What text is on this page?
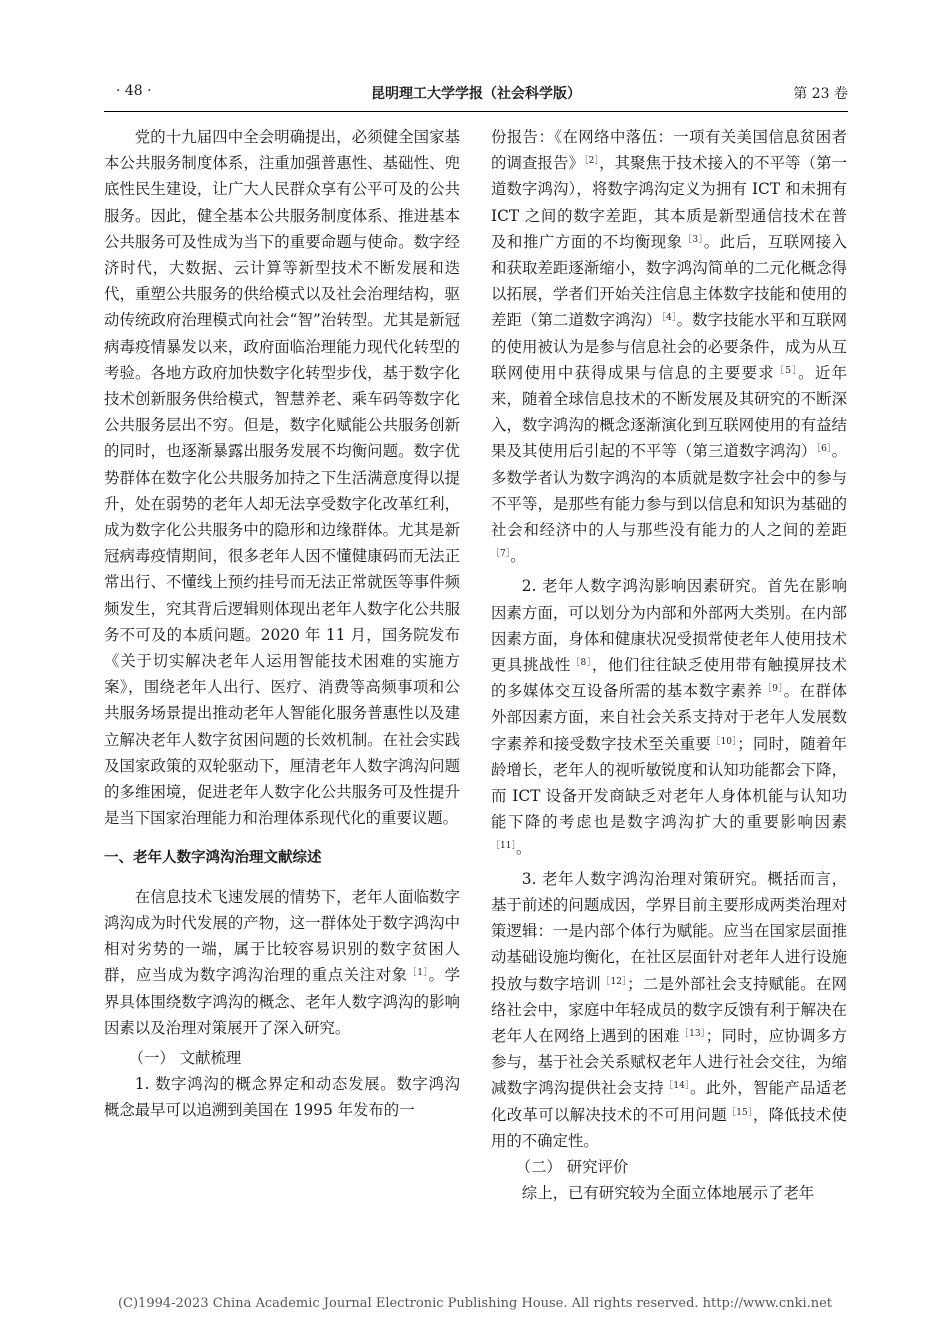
· 48 ·	昆明理工大学学报（社会科学版）	第 23 卷

党的十九届四中全会明确提出，必须健全国家基本公共服务制度体系，注重加强普惠性、基础性、兜底性民生建设，让广大人民群众享有公平可及的公共服务。因此，健全基本公共服务制度体系、推进基本公共服务可及性成为当下的重要命题与使命。数字经济时代，大数据、云计算等新型技术不断发展和迭代，重塑公共服务的供给模式以及社会治理结构，驱动传统政府治理模式向社会“智”治转型。尤其是新冠病毒疫情暴发以来，政府面临治理能力现代化转型的考验。各地方政府加快数字化转型步伐，基于数字化技术创新服务供给模式，智慧养老、乘车码等数字化公共服务层出不穷。但是，数字化赋能公共服务创新的同时，也逐渐暴露出服务发展不均衡问题。数字优势群体在数字化公共服务加持之下生活满意度得以提升，处在弱势的老年人却无法享受数字化改革红利，成为数字化公共服务中的隐形和边缘群体。尤其是新冠病毒疫情期间，很多老年人因不懂健康码而无法正常出行、不懂线上预约挂号而无法正常就医等事件频频发生，究其背后逻辑则体现出老年人数字化公共服务不可及的本质问题。2020 年 11 月，国务院发布《关于切实解决老年人运用智能技术困难的实施方案》，围绕老年人出行、医疗、消费等高频事项和公共服务场景提出推动老年人智能化服务普惠性以及建立解决老年人数字贫困问题的长效机制。在社会实践及国家政策的双轮驱动下，厘清老年人数字鸿沟问题的多维困境，促进老年人数字化公共服务可及性提升是当下国家治理能力和治理体系现代化的重要议题。

一、老年人数字鸿沟治理文献综述

在信息技术飞速发展的情势下，老年人面临数字鸿沟成为时代发展的产物，这一群体处于数字鸿沟中相对劣势的一端，属于比较容易识别的数字贫困人群，应当成为数字鸿沟治理的重点关注对象$^{[1]}$。学界具体围绕数字鸿沟的概念、老年人数字鸿沟的影响因素以及治理对策展开了深入研究。

（一） 文献梳理

1. 数字鸿沟的概念界定和动态发展。数字鸿沟概念最早可以追溯到美国在 1995 年发布的一

份报告：《在网络中落伍：一项有关美国信息贫困者的调查报告》$^{[2]}$，其聚焦于技术接入的不平等（第一道数字鸿沟），将数字鸿沟定义为拥有 ICT 和未拥有 ICT 之间的数字差距，其本质是新型通信技术在普及和推广方面的不均衡现象$^{[3]}$。此后，互联网接入和获取差距逐渐缩小，数字鸿沟简单的二元化概念得以拓展，学者们开始关注信息主体数字技能和使用的差距（第二道数字鸿沟）$^{[4]}$。数字技能水平和互联网的使用被认为是参与信息社会的必要条件，成为从互联网使用中获得成果与信息的主要要求$^{[5]}$。近年来，随着全球信息技术的不断发展及其研究的不断深入，数字鸿沟的概念逐渐演化到互联网使用的有益结果及其使用后引起的不平等（第三道数字鸿沟）$^{[6]}$。多数学者认为数字鸿沟的本质就是数字社会中的参与不平等，是那些有能力参与到以信息和知识为基础的社会和经济中的人与那些没有能力的人之间的差距$^{[7]}$。

2. 老年人数字鸿沟影响因素研究。首先在影响因素方面，可以划分为内部和外部两大类别。在内部因素方面，身体和健康状况受损常使老年人使用技术更具挑战性$^{[8]}$，他们往往缺乏使用带有触摸屏技术的多媒体交互设备所需的基本数字素养$^{[9]}$。在群体外部因素方面，来自社会关系支持对于老年人发展数字素养和接受数字技术至关重要$^{[10]}$；同时，随着年龄增长，老年人的视听敏锐度和认知功能都会下降，而 ICT 设备开发商缺乏对老年人身体机能与认知功能下降的考虑也是数字鸿沟扩大的重要影响因素$^{[11]}$。

3. 老年人数字鸿沟治理对策研究。概括而言，基于前述的问题成因，学界目前主要形成两类治理对策逻辑：一是内部个体行为赋能。应当在国家层面推动基础设施均衡化，在社区层面针对老年人进行设施投放与数字培训$^{[12]}$；二是外部社会支持赋能。在网络社会中，家庭中年轻成员的数字反馈有利于解决在老年人在网络上遇到的困难$^{[13]}$；同时，应协调多方参与，基于社会关系赋权老年人进行社会交往，为缩减数字鸿沟提供社会支持$^{[14]}$。此外，智能产品适老化改革可以解决技术的不可用问题$^{[15]}$，降低技术使用的不确定性。

（二） 研究评价

综上，已有研究较为全面立体地展示了老年

(C)1994-2023 China Academic Journal Electronic Publishing House. All rights reserved. http://www.cnki.net
